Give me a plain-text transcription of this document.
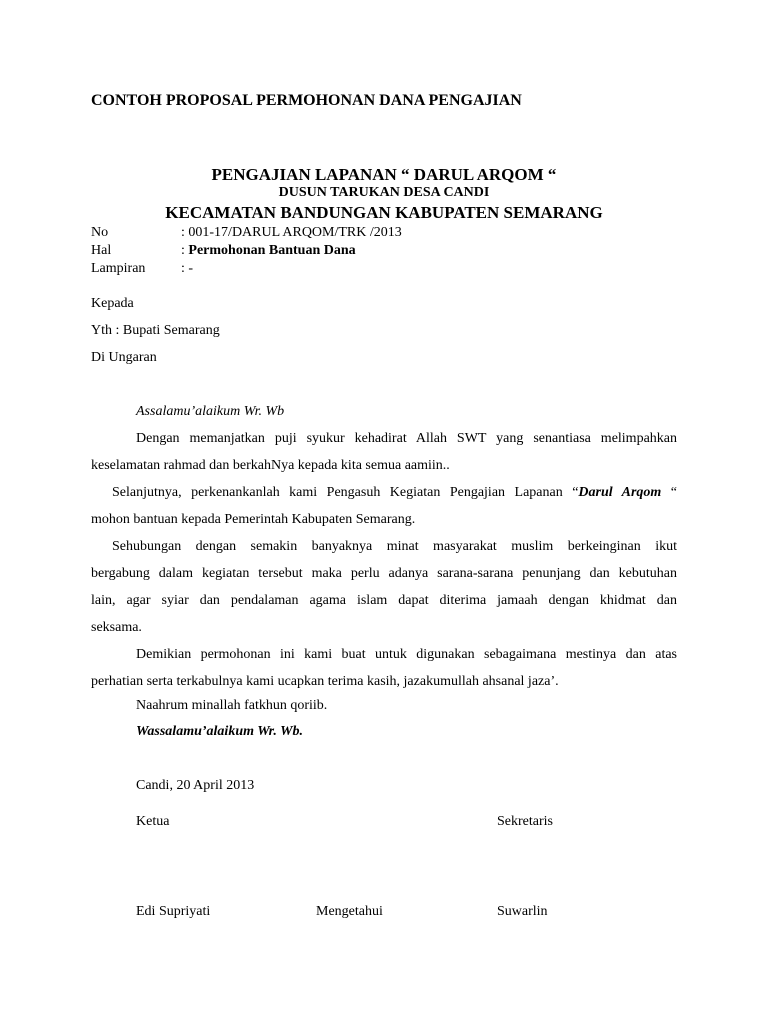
CONTOH PROPOSAL PERMOHONAN DANA PENGAJIAN
PENGAJIAN LAPANAN “ DARUL ARQOM “
DUSUN TARUKAN DESA CANDI
KECAMATAN BANDUNGAN KABUPATEN SEMARANG
No	: 001-17/DARUL ARQOM/TRK /2013
Hal	: Permohonan Bantuan Dana
Lampiran	: -
Kepada
Yth : Bupati Semarang
Di Ungaran
Assalamu’alaikum Wr. Wb
Dengan memanjatkan puji syukur kehadirat Allah SWT yang senantiasa melimpahkan
keselamatan rahmad dan berkahNya kepada kita semua aamiin..
Selanjutnya, perkenankanlah kami Pengasuh Kegiatan Pengajian Lapanan “Darul Arqom “
mohon bantuan kepada Pemerintah Kabupaten Semarang.
Sehubungan dengan semakin banyaknya minat masyarakat muslim berkeinginan ikut
bergabung dalam kegiatan tersebut maka perlu adanya sarana-sarana penunjang dan kebutuhan
lain, agar syiar dan pendalaman agama islam dapat diterima jamaah dengan khidmat dan
seksama.
Demikian permohonan ini kami buat untuk digunakan sebagaimana mestinya dan atas
perhatian serta terkabulnya kami ucapkan terima kasih, jazakumullah ahsanal jaza’.
Naahrum minallah fatkhun qoriib.
Wassalamu’alaikum Wr. Wb.
Candi, 20 April 2013
Ketua	Sekretaris
Edi Supriyati	Mengetahui	Suwarlin
